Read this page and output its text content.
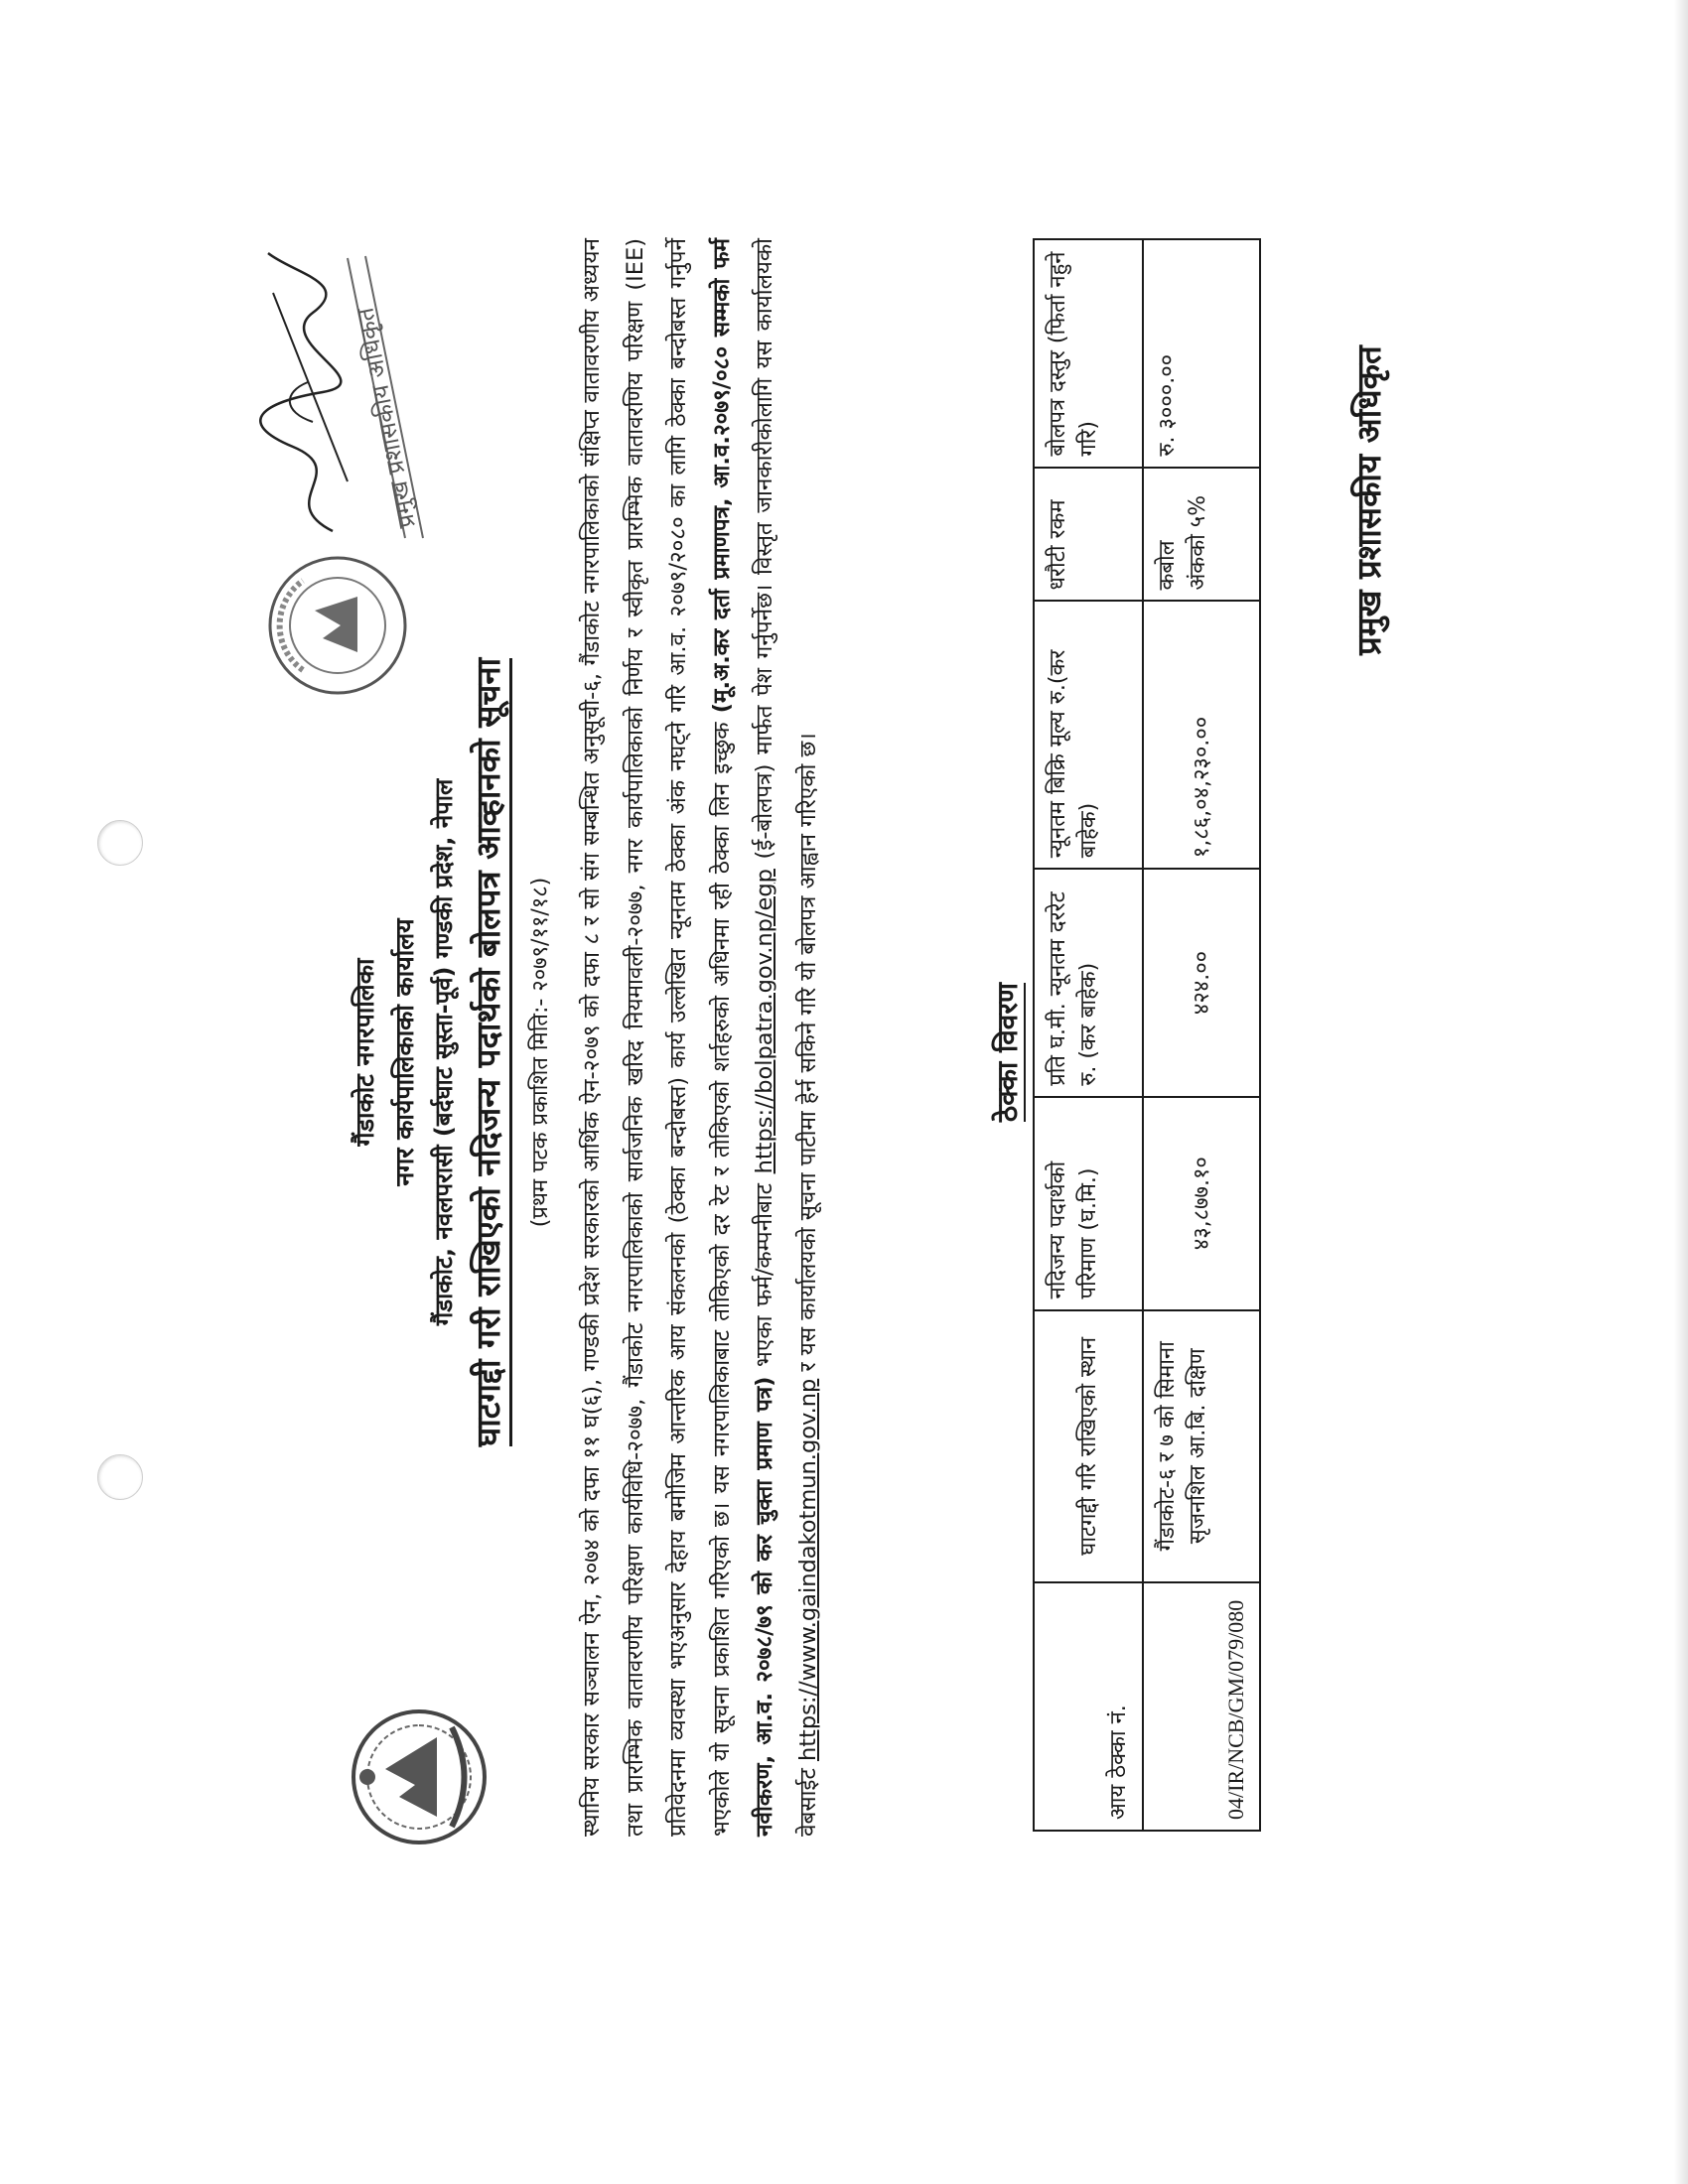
प्रमुख प्रशासकीय अधिकृत

गैंडाकोट नगरपालिका नगर कार्यपालिकाको कार्यालय गैंडाकोट, नवलपरासी (बर्दघाट सुस्ता-पूर्व) गण्डकी प्रदेश, नेपाल घाटगद्दी गरी राखिएको नदिजन्य पदार्थको बोलपत्र आव्हानको सूचना (प्रथम पटक प्रकाशित मिति:- २०७९/११/१८)	स्थानिय सरकार सञ्चालन ऐन, २०७४ को दफा ११ घ(६), गण्डकी प्रदेश सरकारको आर्थिक ऐन-२०७९ को दफा ८ र सो संग सम्बन्धित अनुसूची-६, गैंडाकोट नगरपालिकाको संक्षिप्त वातावरणीय अध्ययन तथा प्रारम्भिक वातावरणीय परिक्षण कार्यविधि-२०७७, गैंडाकोट नगरपालिकाको सार्वजनिक खरिद नियमावली-२०७७, नगर कार्यपालिकाको निर्णय र स्वीकृत प्रारम्भिक वातावरणिय परिक्षण (IEE) प्रतिवेदनमा व्यवस्था भएअनुसार देहाय बमोजिम आन्तरिक आय संकलनको (ठेक्का बन्दोबस्त) कार्य उल्लेखित न्यूनतम ठेक्का अंक नघट्ने गरि आ.व. २०७९/२०८० का लागि ठेक्का बन्दोबस्त गर्नुपर्ने भएकोले यो सूचना प्रकाशित गरिएको छ। यस नगरपालिकाबाट तोकिएको दर रेट र तोकिएको शर्तहरुको अधिनमा रही ठेक्का लिन इच्छुक (मू.अ.कर दर्ता प्रमाणपत्र, आ.व.२०७९/०८० सम्मको फर्म नवीकरण, आ.व. २०७८/७९ को कर चुक्ता प्रमाण पत्र) भएका फर्म/कम्पनीबाट https://bolpatra.gov.np/egp (ई-बोलपत्र) मार्फत पेश गर्नुपर्नेछ। विस्तृत जानकारीकोलागि यस कार्यालयको वेबसाईट https://www.gaindakotmun.gov.np र यस कार्यालयको सूचना पाटीमा हेर्न सकिने गरि यो बोलपत्र आह्वान गरिएको छ।	ठेक्का विवरण

आय ठेक्का नं.	घाटगद्दी गरि राखिएको स्थान	नदिजन्य पदार्थको परिमाण (घ.मि.)	प्रति घ.मी. न्यूनतम दररेट रु. (कर बाहेक)	न्यूनतम बिक्रि मूल्य रु.(कर बाहेक)	धरौटी रकम	बोलपत्र दस्तुर (फिर्ता नहुने गरि)
04/IR/NCB/GM/079/080	गैंडाकोट-६ र ७ को सिमाना सृजनशिल आ.बि. दक्षिण	४३,८७७.१०	४२४.००	१,८६,०४,२३०.००	कबोल अंकको ५%	रु. ३०००.००	प्रमुख प्रशासकीय अधिकृत
